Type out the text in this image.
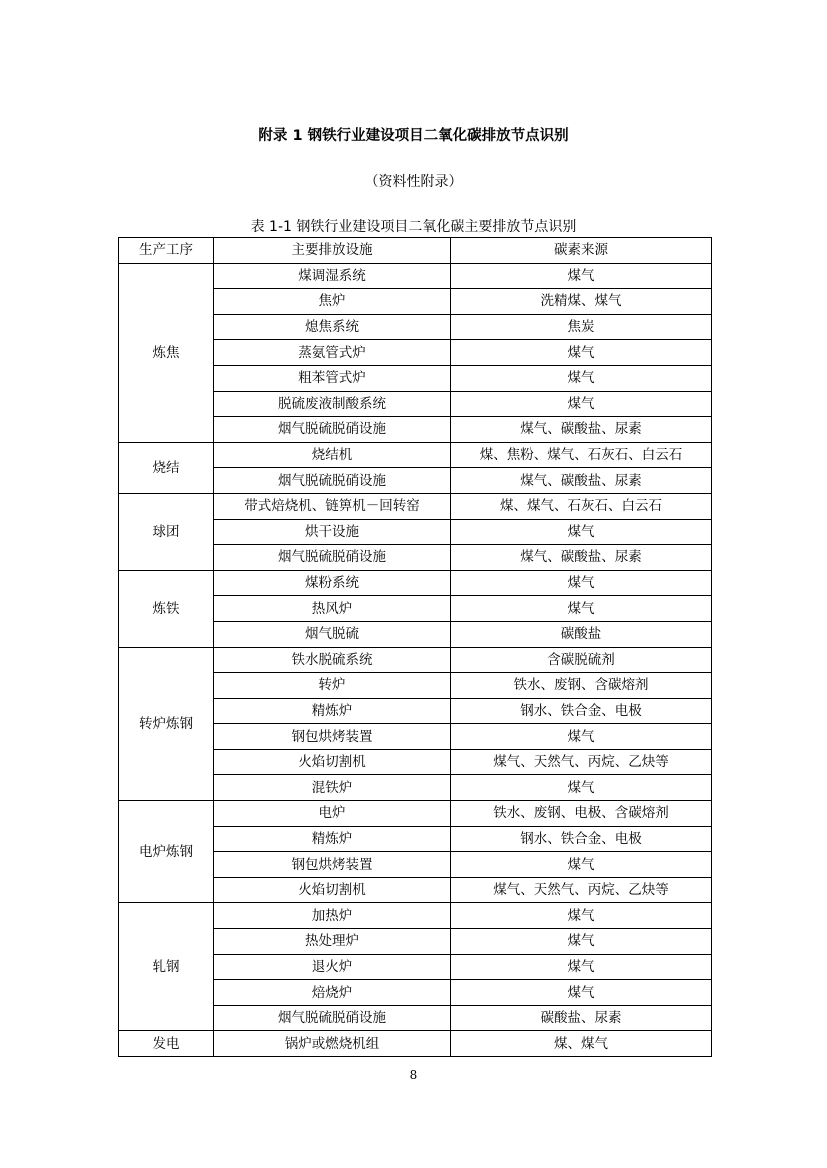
附录 1 钢铁行业建设项目二氧化碳排放节点识别
（资料性附录）
表 1-1 钢铁行业建设项目二氧化碳主要排放节点识别
生产工序	主要排放设施	碳素来源
炼焦	煤调湿系统	煤气
	焦炉	洗精煤、煤气
	熄焦系统	焦炭
	蒸氨管式炉	煤气
	粗苯管式炉	煤气
	脱硫废液制酸系统	煤气
	烟气脱硫脱硝设施	煤气、碳酸盐、尿素
烧结	烧结机	煤、焦粉、煤气、石灰石、白云石
	烟气脱硫脱硝设施	煤气、碳酸盐、尿素
球团	带式焙烧机、链箅机－回转窑	煤、煤气、石灰石、白云石
	烘干设施	煤气
	烟气脱硫脱硝设施	煤气、碳酸盐、尿素
炼铁	煤粉系统	煤气
	热风炉	煤气
	烟气脱硫	碳酸盐
转炉炼钢	铁水脱硫系统	含碳脱硫剂
	转炉	铁水、废钢、含碳熔剂
	精炼炉	钢水、铁合金、电极
	钢包烘烤装置	煤气
	火焰切割机	煤气、天然气、丙烷、乙炔等
	混铁炉	煤气
电炉炼钢	电炉	铁水、废钢、电极、含碳熔剂
	精炼炉	钢水、铁合金、电极
	钢包烘烤装置	煤气
	火焰切割机	煤气、天然气、丙烷、乙炔等
轧钢	加热炉	煤气
	热处理炉	煤气
	退火炉	煤气
	焙烧炉	煤气
	烟气脱硫脱硝设施	碳酸盐、尿素
发电	锅炉或燃烧机组	煤、煤气
8
